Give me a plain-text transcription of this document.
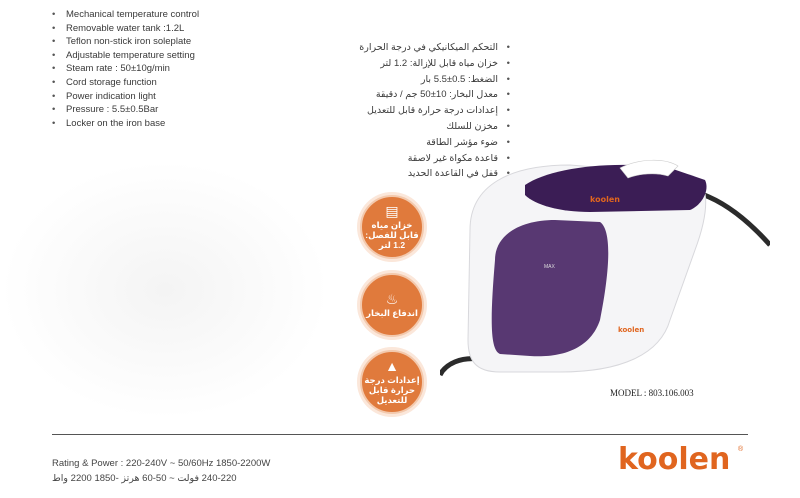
• Mechanical temperature control
• Removable water tank :1.2L
• Teflon non-stick iron soleplate
• Adjustable temperature setting
• Steam rate : 50±10g/min
• Cord storage function
• Power indication light
• Pressure : 5.5±0.5Bar
• Locker on the iron base
• التحكم الميكانيكي في درجة الحرارة
• خزان مياه قابل للإزالة: 1.2 لتر
• الضغط: 0.5±5.5 بار
• معدل البخار: 10±50 جم / دقيقة
• إعدادات درجة حرارة قابل للتعديل
• مخزن للسلك
• ضوء مؤشر الطاقة
• قاعدة مكواة غير لاصقة
• قفل في القاعدة الحديد
▤
خزان مياه قابل للفصل: 1.2 لتر
♨
اندفاع البخار
▲
إعدادات درجة حرارة قابل للتعديل
MAX
koolen
koolen
MODEL : 803.106.003
Rating & Power : 220-240V ~ 50/60Hz 1850-2200W
240-220 فولت ~ 50-60 هرتز -1850 2200 واط
koolen ®
